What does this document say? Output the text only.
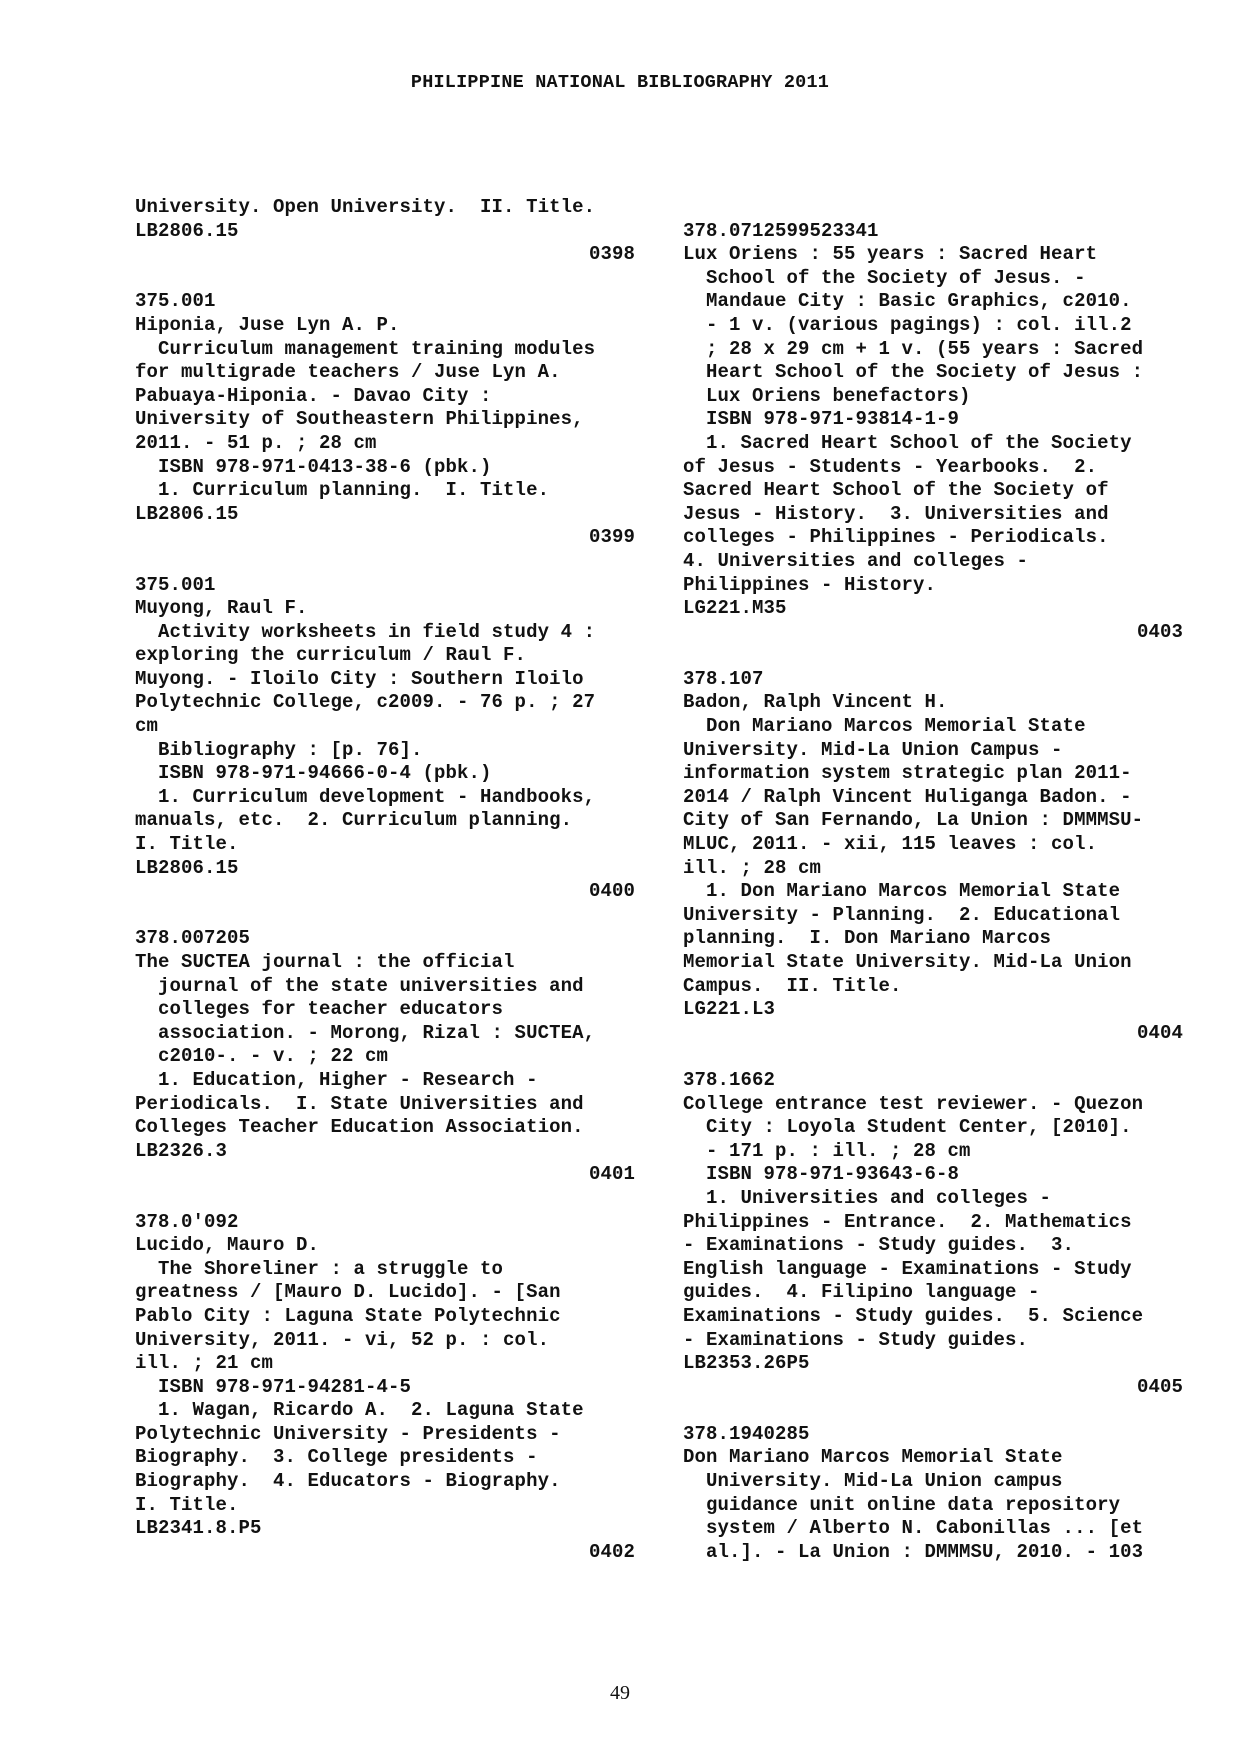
PHILIPPINE NATIONAL BIBLIOGRAPHY 2011
University. Open University.  II. Title.
LB2806.15
0398

375.001
Hiponia, Juse Lyn A. P.
Curriculum management training modules
for multigrade teachers / Juse Lyn A.
Pabuaya-Hiponia. - Davao City :
University of Southeastern Philippines,
2011. - 51 p. ; 28 cm
ISBN 978-971-0413-38-6 (pbk.)
1. Curriculum planning.  I. Title.
LB2806.15
0399

375.001
Muyong, Raul F.
Activity worksheets in field study 4 :
exploring the curriculum / Raul F.
Muyong. - Iloilo City : Southern Iloilo
Polytechnic College, c2009. - 76 p. ; 27
cm
Bibliography : [p. 76].
ISBN 978-971-94666-0-4 (pbk.)
1. Curriculum development - Handbooks,
manuals, etc.  2. Curriculum planning.
I. Title.
LB2806.15
0400

378.007205
The SUCTEA journal : the official
journal of the state universities and
colleges for teacher educators
association. - Morong, Rizal : SUCTEA,
c2010-. - v. ; 22 cm
1. Education, Higher - Research -
Periodicals.  I. State Universities and
Colleges Teacher Education Association.
LB2326.3
0401

378.0'092
Lucido, Mauro D.
The Shoreliner : a struggle to
greatness / [Mauro D. Lucido]. - [San
Pablo City : Laguna State Polytechnic
University, 2011. - vi, 52 p. : col.
ill. ; 21 cm
ISBN 978-971-94281-4-5
1. Wagan, Ricardo A.  2. Laguna State
Polytechnic University - Presidents -
Biography.  3. College presidents -
Biography.  4. Educators - Biography.
I. Title.
LB2341.8.P5
0402

378.0712599523341
Lux Oriens : 55 years : Sacred Heart
School of the Society of Jesus. -
Mandaue City : Basic Graphics, c2010.
- 1 v. (various pagings) : col. ill.2
; 28 x 29 cm + 1 v. (55 years : Sacred
Heart School of the Society of Jesus :
Lux Oriens benefactors)
ISBN 978-971-93814-1-9
1. Sacred Heart School of the Society
of Jesus - Students - Yearbooks.  2.
Sacred Heart School of the Society of
Jesus - History.  3. Universities and
colleges - Philippines - Periodicals.
4. Universities and colleges -
Philippines - History.
LG221.M35
0403

378.107
Badon, Ralph Vincent H.
Don Mariano Marcos Memorial State
University. Mid-La Union Campus -
information system strategic plan 2011-
2014 / Ralph Vincent Huliganga Badon. -
City of San Fernando, La Union : DMMMSU-
MLUC, 2011. - xii, 115 leaves : col.
ill. ; 28 cm
1. Don Mariano Marcos Memorial State
University - Planning.  2. Educational
planning.  I. Don Mariano Marcos
Memorial State University. Mid-La Union
Campus.  II. Title.
LG221.L3
0404

378.1662
College entrance test reviewer. - Quezon
City : Loyola Student Center, [2010].
- 171 p. : ill. ; 28 cm
ISBN 978-971-93643-6-8
1. Universities and colleges -
Philippines - Entrance.  2. Mathematics
- Examinations - Study guides.  3.
English language - Examinations - Study
guides.  4. Filipino language -
Examinations - Study guides.  5. Science
- Examinations - Study guides.
LB2353.26P5
0405

378.1940285
Don Mariano Marcos Memorial State
University. Mid-La Union campus
guidance unit online data repository
system / Alberto N. Cabonillas ... [et
al.]. - La Union : DMMMSU, 2010. - 103
49
